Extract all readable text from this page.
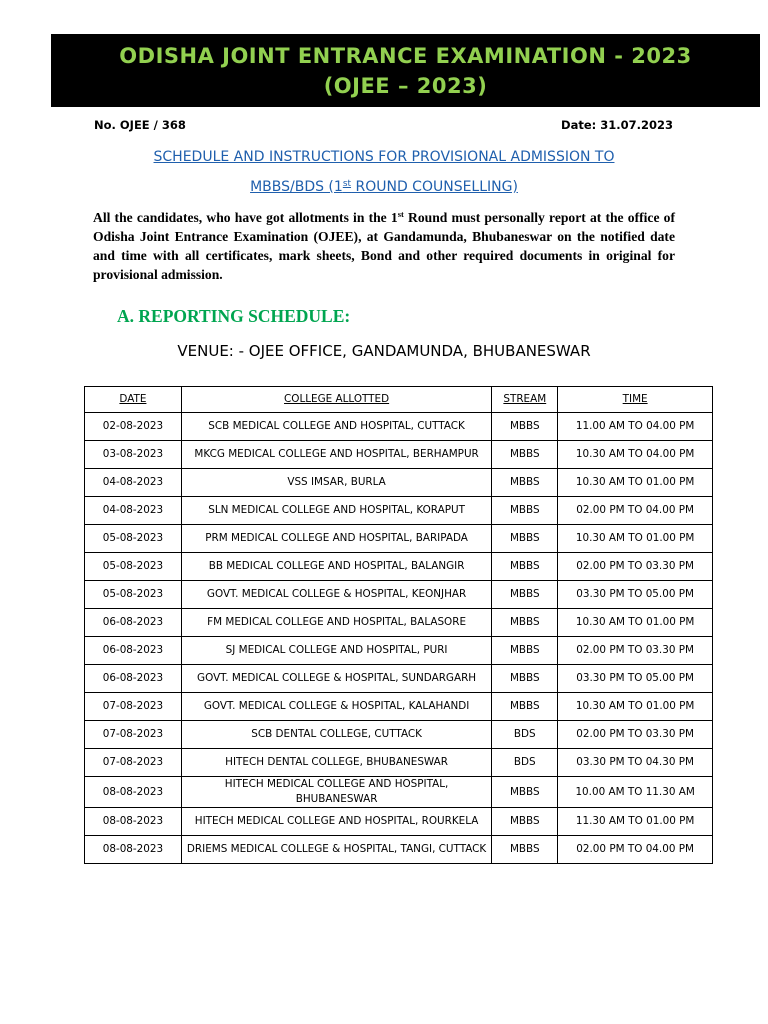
ODISHA JOINT ENTRANCE EXAMINATION - 2023
(OJEE – 2023)
No. OJEE / 368	Date: 31.07.2023
SCHEDULE AND INSTRUCTIONS FOR PROVISIONAL ADMISSION TO
MBBS/BDS (1st ROUND COUNSELLING)
All the candidates, who have got allotments in the 1st Round must personally report at the office of Odisha Joint Entrance Examination (OJEE), at Gandamunda, Bhubaneswar on the notified date and time with all certificates, mark sheets, Bond and other required documents in original for provisional admission.
A. REPORTING SCHEDULE:
VENUE: - OJEE OFFICE, GANDAMUNDA, BHUBANESWAR
DATE	COLLEGE ALLOTTED	STREAM	TIME
02-08-2023	SCB MEDICAL COLLEGE AND HOSPITAL, CUTTACK	MBBS	11.00 AM TO 04.00 PM
03-08-2023	MKCG MEDICAL COLLEGE AND HOSPITAL, BERHAMPUR	MBBS	10.30 AM TO 04.00 PM
04-08-2023	VSS IMSAR, BURLA	MBBS	10.30 AM TO 01.00 PM
04-08-2023	SLN MEDICAL COLLEGE AND HOSPITAL, KORAPUT	MBBS	02.00 PM TO 04.00 PM
05-08-2023	PRM MEDICAL COLLEGE AND HOSPITAL, BARIPADA	MBBS	10.30 AM TO 01.00 PM
05-08-2023	BB MEDICAL COLLEGE AND HOSPITAL, BALANGIR	MBBS	02.00 PM TO 03.30 PM
05-08-2023	GOVT. MEDICAL COLLEGE & HOSPITAL, KEONJHAR	MBBS	03.30 PM TO 05.00 PM
06-08-2023	FM MEDICAL COLLEGE AND HOSPITAL, BALASORE	MBBS	10.30 AM TO 01.00 PM
06-08-2023	SJ MEDICAL COLLEGE AND HOSPITAL, PURI	MBBS	02.00 PM TO 03.30 PM
06-08-2023	GOVT. MEDICAL COLLEGE & HOSPITAL, SUNDARGARH	MBBS	03.30 PM TO 05.00 PM
07-08-2023	GOVT. MEDICAL COLLEGE & HOSPITAL, KALAHANDI	MBBS	10.30 AM TO 01.00 PM
07-08-2023	SCB DENTAL COLLEGE, CUTTACK	BDS	02.00 PM TO 03.30 PM
07-08-2023	HITECH DENTAL COLLEGE, BHUBANESWAR	BDS	03.30 PM TO 04.30 PM
08-08-2023	HITECH MEDICAL COLLEGE AND HOSPITAL, BHUBANESWAR	MBBS	10.00 AM TO 11.30 AM
08-08-2023	HITECH MEDICAL COLLEGE AND HOSPITAL, ROURKELA	MBBS	11.30 AM TO 01.00 PM
08-08-2023	DRIEMS MEDICAL COLLEGE & HOSPITAL, TANGI, CUTTACK	MBBS	02.00 PM TO 04.00 PM
